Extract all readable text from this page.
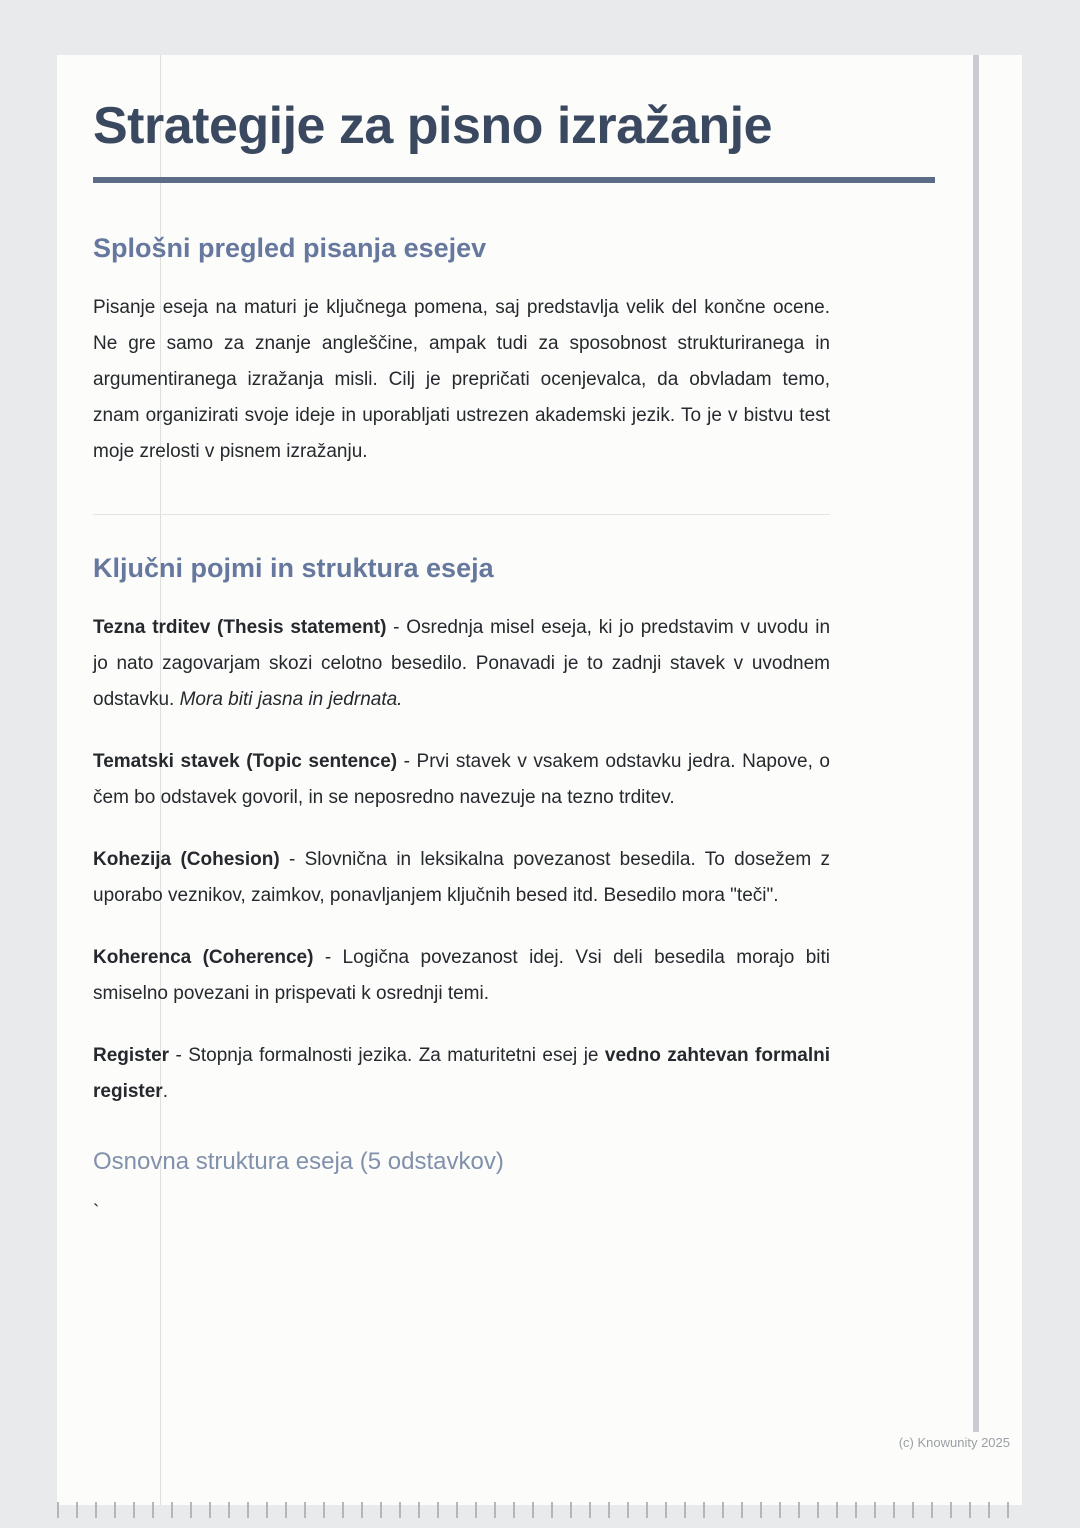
Strategije za pisno izražanje
Splošni pregled pisanja esejev

Pisanje eseja na maturi je ključnega pomena, saj predstavlja velik del končne ocene. Ne gre samo za znanje angleščine, ampak tudi za sposobnost strukturiranega in argumentiranega izražanja misli. Cilj je prepričati ocenjevalca, da obvladam temo, znam organizirati svoje ideje in uporabljati ustrezen akademski jezik. To je v bistvu test moje zrelosti v pisnem izražanju.

Ključni pojmi in struktura eseja

Tezna trditev (Thesis statement) - Osrednja misel eseja, ki jo predstavim v uvodu in jo nato zagovarjam skozi celotno besedilo. Ponavadi je to zadnji stavek v uvodnem odstavku. Mora biti jasna in jedrnata.

Tematski stavek (Topic sentence) - Prvi stavek v vsakem odstavku jedra. Napove, o čem bo odstavek govoril, in se neposredno navezuje na tezno trditev.

Kohezija (Cohesion) - Slovnična in leksikalna povezanost besedila. To dosežem z uporabo veznikov, zaimkov, ponavljanjem ključnih besed itd. Besedilo mora "teči".

Koherenca (Coherence) - Logična povezanost idej. Vsi deli besedila morajo biti smiselno povezani in prispevati k osrednji temi.

Register - Stopnja formalnosti jezika. Za maturitetni esej je vedno zahtevan formalni register.

Osnovna struktura eseja (5 odstavkov)

`

(c) Knowunity 2025
